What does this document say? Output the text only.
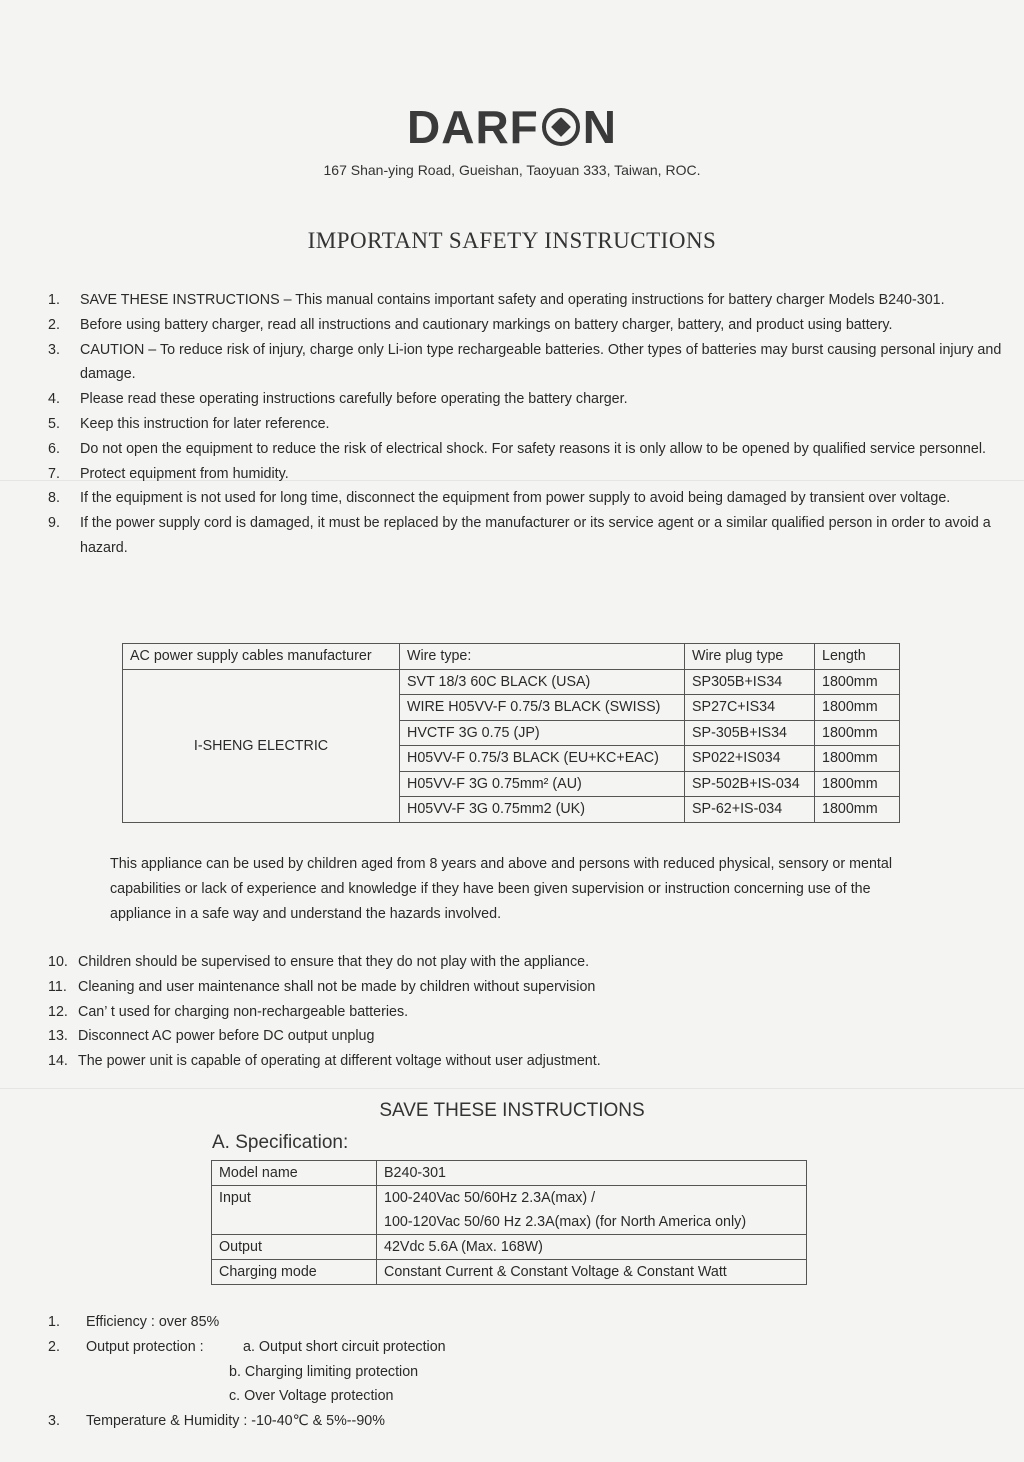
DARF N
167 Shan-ying Road, Gueishan, Taoyuan 333, Taiwan, ROC.
IMPORTANT SAFETY INSTRUCTIONS
1. SAVE THESE INSTRUCTIONS – This manual contains important safety and operating instructions for battery charger Models B240-301.
2. Before using battery charger, read all instructions and cautionary markings on battery charger, battery, and product using battery.
3. CAUTION – To reduce risk of injury, charge only Li-ion type rechargeable batteries. Other types of batteries may burst causing personal injury and damage.
4. Please read these operating instructions carefully before operating the battery charger.
5. Keep this instruction for later reference.
6. Do not open the equipment to reduce the risk of electrical shock. For safety reasons it is only allow to be opened by qualified service personnel.
7. Protect equipment from humidity.
8. If the equipment is not used for long time, disconnect the equipment from power supply to avoid being damaged by transient over voltage.
9. If the power supply cord is damaged, it must be replaced by the manufacturer or its service agent or a similar qualified person in order to avoid a hazard.
AC power supply cables manufacturer	Wire type:	Wire plug type	Length
I-SHENG ELECTRIC	SVT 18/3 60C BLACK (USA)	SP305B+IS34	1800mm
	WIRE H05VV-F 0.75/3 BLACK (SWISS)	SP27C+IS34	1800mm
	HVCTF 3G 0.75 (JP)	SP-305B+IS34	1800mm
	H05VV-F 0.75/3 BLACK (EU+KC+EAC)	SP022+IS034	1800mm
	H05VV-F 3G 0.75mm² (AU)	SP-502B+IS-034	1800mm
	H05VV-F 3G 0.75mm2 (UK)	SP-62+IS-034	1800mm
This appliance can be used by children aged from 8 years and above and persons with reduced physical, sensory or mental capabilities or lack of experience and knowledge if they have been given supervision or instruction concerning use of the appliance in a safe way and understand the hazards involved.
10. Children should be supervised to ensure that they do not play with the appliance.
11. Cleaning and user maintenance shall not be made by children without supervision
12. Can’ t used for charging non-rechargeable batteries.
13. Disconnect AC power before DC output unplug
14. The power unit is capable of operating at different voltage without user adjustment.
SAVE THESE INSTRUCTIONS
A. Specification:
Model name	B240-301
Input	100-240Vac 50/60Hz 2.3A(max) /
100-120Vac 50/60 Hz 2.3A(max) (for North America only)

Output	42Vdc 5.6A (Max. 168W)
Charging mode	Constant Current & Constant Voltage & Constant Watt
1. Efficiency : over 85%
2. Output protection :	a. Output short circuit protection
b. Charging limiting protection
c. Over Voltage protection
3. Temperature & Humidity : -10-40℃ & 5%--90%
